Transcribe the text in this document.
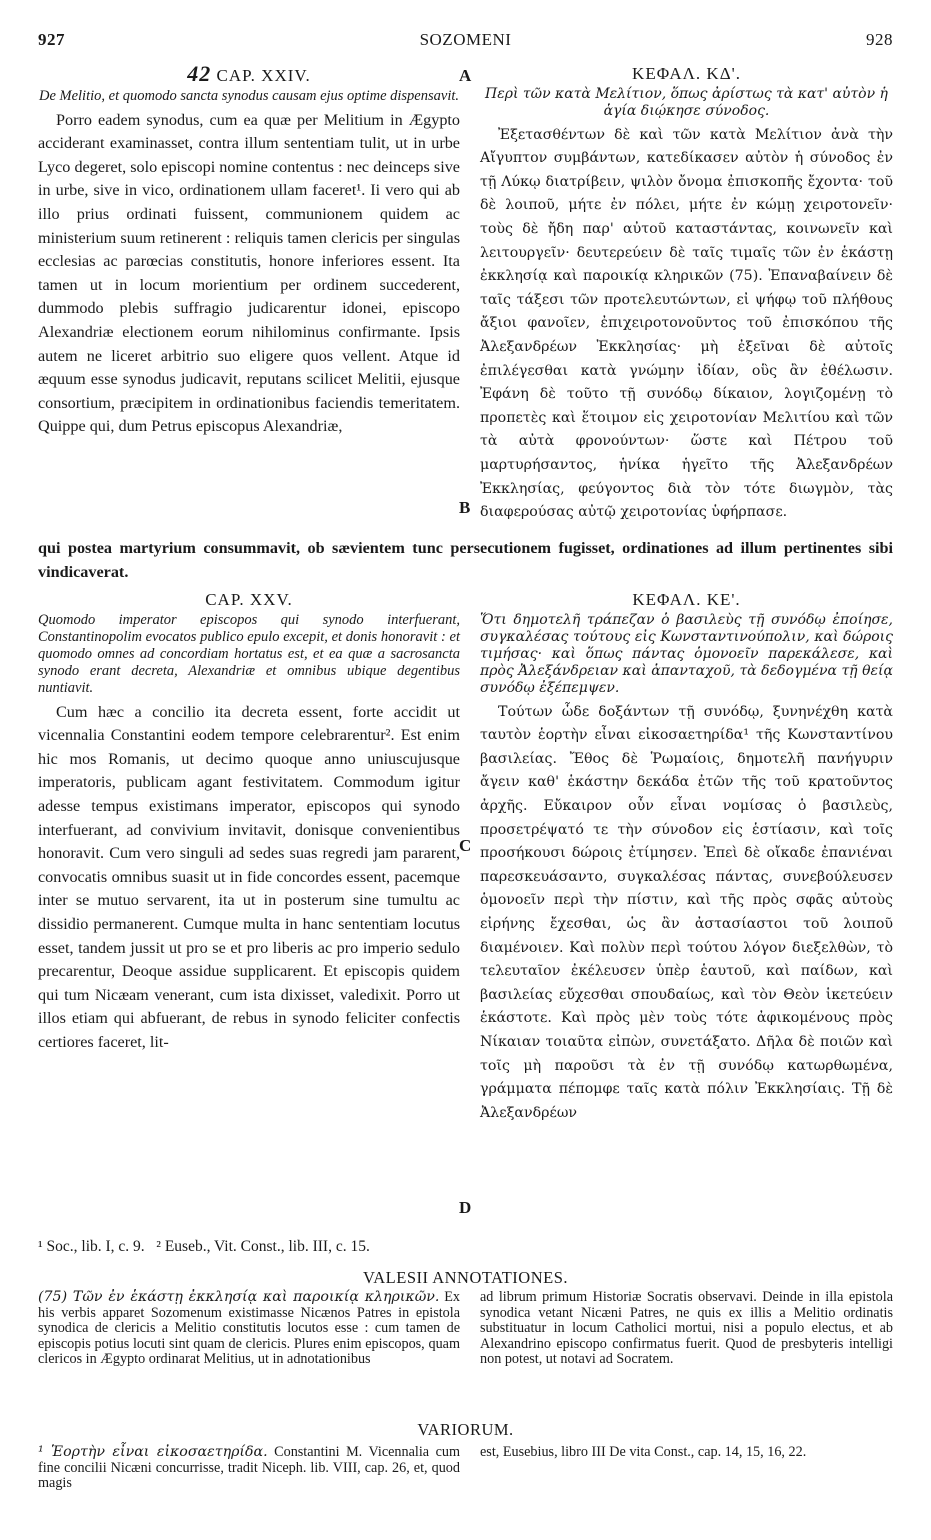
927	SOZOMENI	928
42 CAP. XXIV.
De Melitio, et quomodo sancta synodus causam ejus optime dispensavit.

Porro eadem synodus, cum ea quæ per Melitium in Ægypto acciderant examinasset, contra illum sententiam tulit, ut in urbe Lyco degeret, solo episcopi nomine contentus : nec deinceps sive in urbe, sive in vico, ordinationem ullam faceret¹. Ii vero qui ab illo prius ordinati fuissent, communionem quidem ac ministerium suum retinerent : reliquis tamen clericis per singulas ecclesias ac parœcias constitutis, honore inferiores essent. Ita tamen ut in locum morientium per ordinem succederent, dummodo plebis suffragio judicarentur idonei, episcopo Alexandriæ electionem eorum nihilominus confirmante. Ipsis autem ne liceret arbitrio suo eligere quos vellent. Atque id æquum esse synodus judicavit, reputans scilicet Melitii, ejusque consortium, præcipitem in ordinationibus faciendis temeritatem. Quippe qui, dum Petrus episcopus Alexandriæ,

A
B
C
D
ΚΕΦΑΛ. ΚΔ'.
Περὶ τῶν κατὰ Μελίτιον, ὅπως ἀρίστως τὰ κατ' αὐτὸν ἡ ἁγία διῴκησε σύνοδος.

Ἐξετασθέντων δὲ καὶ τῶν κατὰ Μελίτιον ἀνὰ τὴν Αἴγυπτον συμβάντων, κατεδίκασεν αὐτὸν ἡ σύνοδος ἐν τῇ Λύκῳ διατρίβειν, ψιλὸν ὄνομα ἐπισκοπῆς ἔχοντα· τοῦ δὲ λοιποῦ, μήτε ἐν πόλει, μήτε ἐν κώμῃ χειροτονεῖν· τοὺς δὲ ἤδη παρ' αὐτοῦ καταστάντας, κοινωνεῖν καὶ λειτουργεῖν· δευτερεύειν δὲ ταῖς τιμαῖς τῶν ἐν ἑκάστῃ ἐκκλησίᾳ καὶ παροικίᾳ κληρικῶν (75). Ἐπαναβαίνειν δὲ ταῖς τάξεσι τῶν προτελευτώντων, εἰ ψήφῳ τοῦ πλήθους ἄξιοι φανοῖεν, ἐπιχειροτονοῦντος τοῦ ἐπισκόπου τῆς Ἀλεξανδρέων Ἐκκλησίας· μὴ ἐξεῖναι δὲ αὐτοῖς ἐπιλέγεσθαι κατὰ γνώμην ἰδίαν, οὓς ἂν ἐθέλωσιν. Ἐφάνη δὲ τοῦτο τῇ συνόδῳ δίκαιον, λογιζομένῃ τὸ προπετὲς καὶ ἕτοιμον εἰς χειροτονίαν Μελιτίου καὶ τῶν τὰ αὐτὰ φρονούντων· ὥστε καὶ Πέτρου τοῦ μαρτυρήσαντος, ἡνίκα ἡγεῖτο τῆς Ἀλεξανδρέων Ἐκκλησίας, φεύγοντος διὰ τὸν τότε διωγμὸν, τὰς διαφερούσας αὐτῷ χειροτονίας ὑφήρπασε.

qui postea martyrium consummavit, ob sævientem tunc persecutionem fugisset, ordinationes ad illum pertinentes sibi vindicaverat.
CAP. XXV.
Quomodo imperator episcopos qui synodo interfuerant, Constantinopolim evocatos publico epulo excepit, et donis honoravit : et quomodo omnes ad concordiam hortatus est, et ea quæ a sacrosancta synodo erant decreta, Alexandriæ et omnibus ubique degentibus nuntiavit.

Cum hæc a concilio ita decreta essent, forte accidit ut vicennalia Constantini eodem tempore celebrarentur². Est enim hic mos Romanis, ut decimo quoque anno uniuscujusque imperatoris, publicam agant festivitatem. Commodum igitur adesse tempus existimans imperator, episcopos qui synodo interfuerant, ad convivium invitavit, donisque convenientibus honoravit. Cum vero singuli ad sedes suas regredi jam pararent, convocatis omnibus suasit ut in fide concordes essent, pacemque inter se mutuo servarent, ita ut in posterum sine tumultu ac dissidio permanerent. Cumque multa in hanc sententiam locutus esset, tandem jussit ut pro se et pro liberis ac pro imperio sedulo precarentur, Deoque assidue supplicarent. Et episcopis quidem qui tum Nicæam venerant, cum ista dixisset, valedixit. Porro ut illos etiam qui abfuerant, de rebus in synodo feliciter confectis certiores faceret, lit-

ΚΕΦΑΛ. ΚΕ'.
Ὅτι δημοτελῆ τράπεζαν ὁ βασιλεὺς τῇ συνόδῳ ἐποίησε, συγκαλέσας τούτους εἰς Κωνσταντινούπολιν, καὶ δώροις τιμήσας· καὶ ὅπως πάντας ὁμονοεῖν παρεκάλεσε, καὶ πρὸς Ἀλεξάνδρειαν καὶ ἁπανταχοῦ, τὰ δεδογμένα τῇ θείᾳ συνόδῳ ἐξέπεμψεν.

Τούτων ὧδε δοξάντων τῇ συνόδῳ, ξυνηνέχθη κατὰ ταυτὸν ἑορτὴν εἶναι εἰκοσαετηρίδα¹ τῆς Κωνσταντίνου βασιλείας. Ἔθος δὲ Ῥωμαίοις, δημοτελῆ πανήγυριν ἄγειν καθ' ἑκάστην δεκάδα ἐτῶν τῆς τοῦ κρατοῦντος ἀρχῆς. Εὔκαιρον οὖν εἶναι νομίσας ὁ βασιλεὺς, προσετρέψατό τε τὴν σύνοδον εἰς ἑστίασιν, καὶ τοῖς προσήκουσι δώροις ἐτίμησεν. Ἐπεὶ δὲ οἴκαδε ἐπανιέναι παρεσκευάσαντο, συγκαλέσας πάντας, συνεβούλευσεν ὁμονοεῖν περὶ τὴν πίστιν, καὶ τῆς πρὸς σφᾶς αὐτοὺς εἰρήνης ἔχεσθαι, ὡς ἂν ἀστασίαστοι τοῦ λοιποῦ διαμένοιεν. Καὶ πολὺν περὶ τούτου λόγον διεξελθὼν, τὸ τελευταῖον ἐκέλευσεν ὑπὲρ ἑαυτοῦ, καὶ παίδων, καὶ βασιλείας εὔχεσθαι σπουδαίως, καὶ τὸν Θεὸν ἱκετεύειν ἑκάστοτε. Καὶ πρὸς μὲν τοὺς τότε ἀφικομένους πρὸς Νίκαιαν τοιαῦτα εἰπὼν, συνετάξατο. Δῆλα δὲ ποιῶν καὶ τοῖς μὴ παροῦσι τὰ ἐν τῇ συνόδῳ κατωρθωμένα, γράμματα πέπομφε ταῖς κατὰ πόλιν Ἐκκλησίαις. Τῇ δὲ Ἀλεξανδρέων

¹ Soc., lib. I, c. 9.   ² Euseb., Vit. Const., lib. III, c. 15.
VALESII ANNOTATIONES.
(75) Τῶν ἐν ἑκάστῃ ἐκκλησίᾳ καὶ παροικίᾳ κληρικῶν. Ex his verbis apparet Sozomenum existimasse Nicænos Patres in epistola synodica de clericis a Melitio constitutis locutos esse : cum tamen de episcopis potius locuti sint quam de clericis. Plures enim episcopos, quam clericos in Ægypto ordinarat Melitius, ut in adnotationibus
ad librum primum Historiæ Socratis observavi. Deinde in illa epistola synodica vetant Nicæni Patres, ne quis ex illis a Melitio ordinatis substituatur in locum Catholici mortui, nisi a populo electus, et ab Alexandrino episcopo confirmatus fuerit. Quod de presbyteris intelligi non potest, ut notavi ad Socratem.
VARIORUM.
¹ Ἑορτὴν εἶναι εἰκοσαετηρίδα. Constantini M. Vicennalia cum fine concilii Nicæni concurrisse, tradit Niceph. lib. VIII, cap. 26, et, quod magis
est, Eusebius, libro III De vita Const., cap. 14, 15, 16, 22.
